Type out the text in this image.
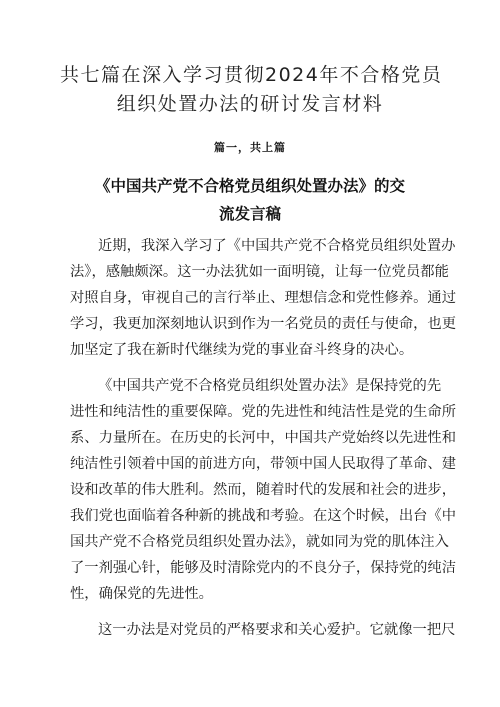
共七篇在深入学习贯彻2024年不合格党员
组织处置办法的研讨发言材料

篇一，共上篇

《中国共产党不合格党员组织处置办法》的交
流发言稿
近期，我深入学习了《中国共产党不合格党员组织处置办
法》，感触颇深。这一办法犹如一面明镜，让每一位党员都能
对照自身，审视自己的言行举止、理想信念和党性修养。通过
学习，我更加深刻地认识到作为一名党员的责任与使命，也更
加坚定了我在新时代继续为党的事业奋斗终身的决心。
《中国共产党不合格党员组织处置办法》是保持党的先
进性和纯洁性的重要保障。党的先进性和纯洁性是党的生命所
系、力量所在。在历史的长河中，中国共产党始终以先进性和
纯洁性引领着中国的前进方向，带领中国人民取得了革命、建
设和改革的伟大胜利。然而，随着时代的发展和社会的进步，
我们党也面临着各种新的挑战和考验。在这个时候，出台《中
国共产党不合格党员组织处置办法》，就如同为党的肌体注入
了一剂强心针，能够及时清除党内的不良分子，保持党的纯洁
性，确保党的先进性。
这一办法是对党员的严格要求和关心爱护。它就像一把尺
